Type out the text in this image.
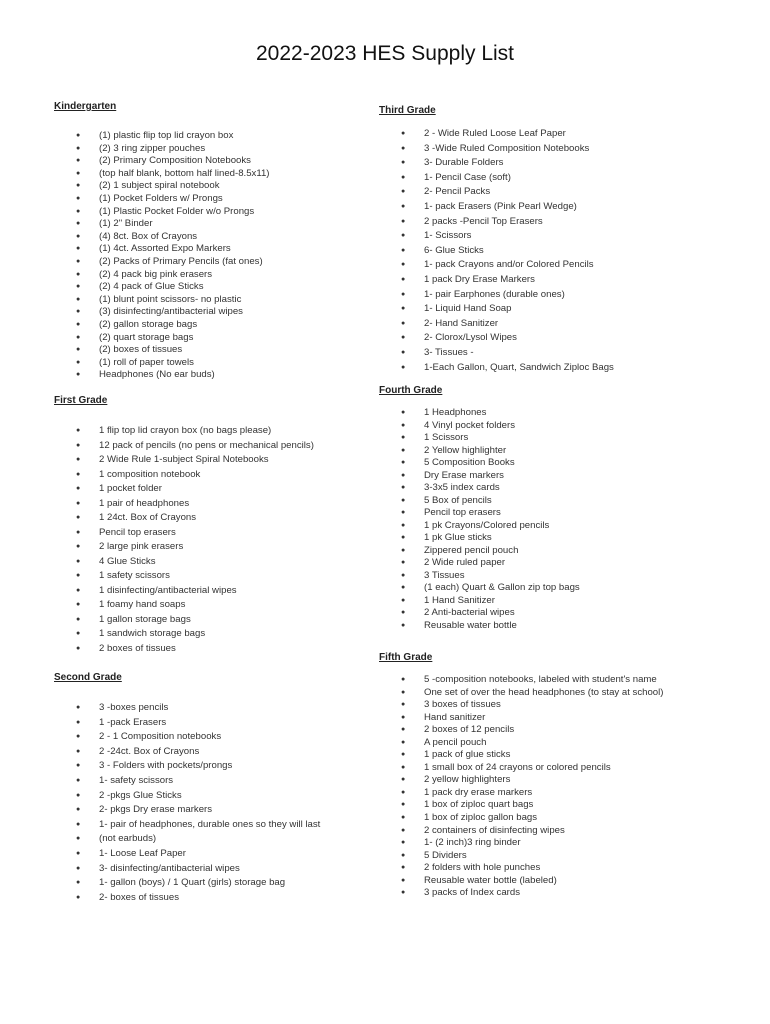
2022-2023 HES Supply List
Kindergarten
● (1) plastic flip top lid crayon box
● (2) 3 ring zipper pouches
● (2) Primary Composition Notebooks
● (top half blank, bottom half lined-8.5x11)
● (2) 1 subject spiral notebook
● (1) Pocket Folders w/ Prongs
● (1) Plastic Pocket Folder w/o Prongs
● (1) 2" Binder
● (4) 8ct. Box of Crayons
● (1) 4ct. Assorted Expo Markers
● (2) Packs of Primary Pencils (fat ones)
● (2) 4 pack big pink erasers
● (2) 4 pack of Glue Sticks
● (1) blunt point scissors- no plastic
● (3) disinfecting/antibacterial wipes
● (2) gallon storage bags
● (2) quart storage bags
● (2) boxes of tissues
● (1) roll of paper towels
● Headphones (No ear buds)
First Grade
● 1 flip top lid crayon box (no bags please)
● 12 pack of pencils (no pens or mechanical pencils)
● 2 Wide Rule 1-subject Spiral Notebooks
● 1 composition notebook
● 1 pocket folder
● 1 pair of headphones
● 1 24ct. Box of Crayons
● Pencil top erasers
● 2 large pink erasers
● 4 Glue Sticks
● 1 safety scissors
● 1 disinfecting/antibacterial wipes
● 1 foamy hand soaps
● 1 gallon storage bags
● 1 sandwich storage bags
● 2 boxes of tissues
Second Grade
● 3 -boxes pencils
● 1 -pack Erasers
● 2 - 1 Composition notebooks
● 2 -24ct. Box of Crayons
● 3 - Folders with pockets/prongs
● 1- safety scissors
● 2 -pkgs Glue Sticks
● 2- pkgs Dry erase markers
● 1- pair of headphones, durable ones so they will last
● (not earbuds)
● 1- Loose Leaf Paper
● 3- disinfecting/antibacterial wipes
● 1- gallon (boys) / 1 Quart (girls) storage bag
● 2- boxes of tissues
Third Grade
● 2 - Wide Ruled Loose Leaf Paper
● 3 -Wide Ruled Composition Notebooks
● 3- Durable Folders
● 1- Pencil Case (soft)
● 2- Pencil Packs
● 1- pack Erasers (Pink Pearl Wedge)
● 2 packs -Pencil Top Erasers
● 1- Scissors
● 6- Glue Sticks
● 1- pack Crayons and/or Colored Pencils
● 1 pack Dry Erase Markers
● 1- pair Earphones (durable ones)
● 1- Liquid Hand Soap
● 2- Hand Sanitizer
● 2- Clorox/Lysol Wipes
● 3- Tissues -
● 1-Each Gallon, Quart, Sandwich Ziploc Bags
Fourth Grade
● 1 Headphones
● 4 Vinyl pocket folders
● 1 Scissors
● 2 Yellow highlighter
● 5 Composition Books
● Dry Erase markers
● 3-3x5 index cards
● 5 Box of pencils
● Pencil top erasers
● 1 pk Crayons/Colored pencils
● 1 pk Glue sticks
● Zippered pencil pouch
● 2 Wide ruled paper
● 3 Tissues
● (1 each) Quart & Gallon zip top bags
● 1 Hand Sanitizer
● 2 Anti-bacterial wipes
● Reusable water bottle
Fifth Grade
● 5 -composition notebooks, labeled with student's name
● One set of over the head headphones (to stay at school)
● 3 boxes of tissues
● Hand sanitizer
● 2 boxes of 12 pencils
● A pencil pouch
● 1 pack of glue sticks
● 1 small box of 24 crayons or colored pencils
● 2 yellow highlighters
● 1 pack dry erase markers
● 1 box of ziploc quart bags
● 1 box of ziploc gallon bags
● 2 containers of disinfecting wipes
● 1- (2 inch)3 ring binder
● 5 Dividers
● 2 folders with hole punches
● Reusable water bottle (labeled)
● 3 packs of Index cards
